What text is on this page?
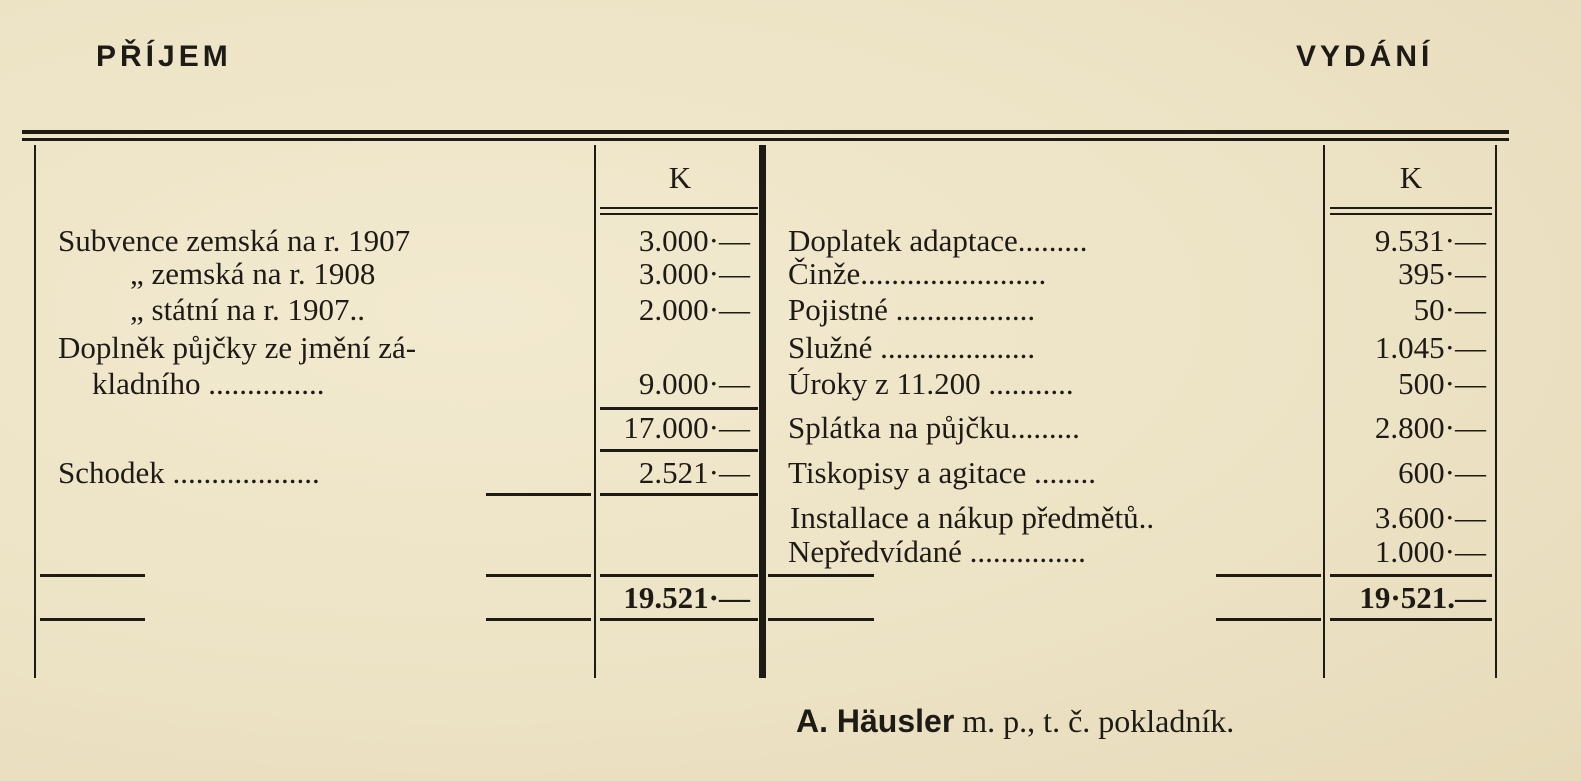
PŘÍJEM	VYDÁNÍ
K	K
Subvence zemská na r. 1907	3.000·—
„ zemská na r. 1908	3.000·—
„ státní na r. 1907..	2.000·—
Doplněk půjčky ze jmění zá-
kladního ...............	9.000·—
17.000·—
Schodek ...................	2.521·—
19.521·—
Doplatek adaptace.........	9.531·—
Činže........................	395·—
Pojistné ..................	50·—
Služné ....................	1.045·—
Úroky z 11.200 ...........	500·—
Splátka na půjčku.........	2.800·—
Tiskopisy a agitace ........	600·—
Installace a nákup předmětů..	3.600·—
Nepředvídané ...............	1.000·—
19·521.—
A. Häusler m. p., t. č. pokladník.
